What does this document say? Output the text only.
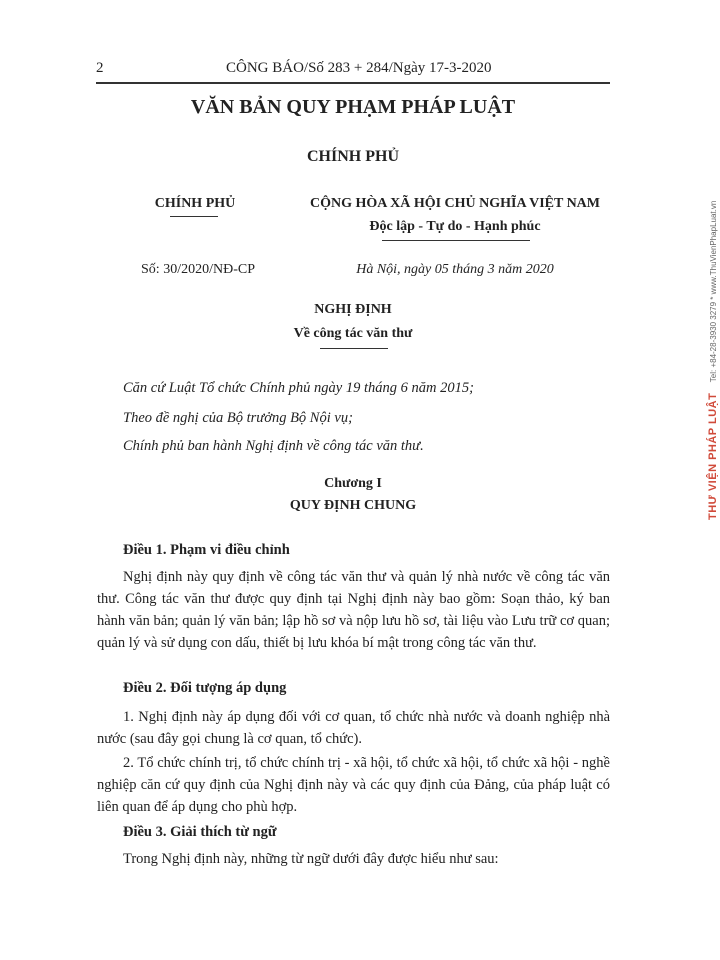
2	CÔNG BÁO/Số 283 + 284/Ngày 17-3-2020
VĂN BẢN QUY PHẠM PHÁP LUẬT
CHÍNH PHỦ
CHÍNH PHỦ	CỘNG HÒA XÃ HỘI CHỦ NGHĨA VIỆT NAM
Độc lập - Tự do - Hạnh phúc
Số: 30/2020/NĐ-CP	Hà Nội, ngày 05 tháng 3 năm 2020
NGHỊ ĐỊNH
Về công tác văn thư
Căn cứ Luật Tổ chức Chính phủ ngày 19 tháng 6 năm 2015;
Theo đề nghị của Bộ trưởng Bộ Nội vụ;
Chính phủ ban hành Nghị định về công tác văn thư.
Chương I
QUY ĐỊNH CHUNG
Điều 1. Phạm vi điều chỉnh
Nghị định này quy định về công tác văn thư và quản lý nhà nước về công tác văn thư. Công tác văn thư được quy định tại Nghị định này bao gồm: Soạn thảo, ký ban hành văn bản; quản lý văn bản; lập hồ sơ và nộp lưu hồ sơ, tài liệu vào Lưu trữ cơ quan; quản lý và sử dụng con dấu, thiết bị lưu khóa bí mật trong công tác văn thư.
Điều 2. Đối tượng áp dụng
1. Nghị định này áp dụng đối với cơ quan, tổ chức nhà nước và doanh nghiệp nhà nước (sau đây gọi chung là cơ quan, tổ chức).
2. Tổ chức chính trị, tổ chức chính trị - xã hội, tổ chức xã hội, tổ chức xã hội - nghề nghiệp căn cứ quy định của Nghị định này và các quy định của Đảng, của pháp luật có liên quan để áp dụng cho phù hợp.
Điều 3. Giải thích từ ngữ
Trong Nghị định này, những từ ngữ dưới đây được hiểu như sau:
THƯ VIỆN PHÁP LUẬT Tel: +84-28-3930 3279 * www.ThuVienPhapLuat.vn
